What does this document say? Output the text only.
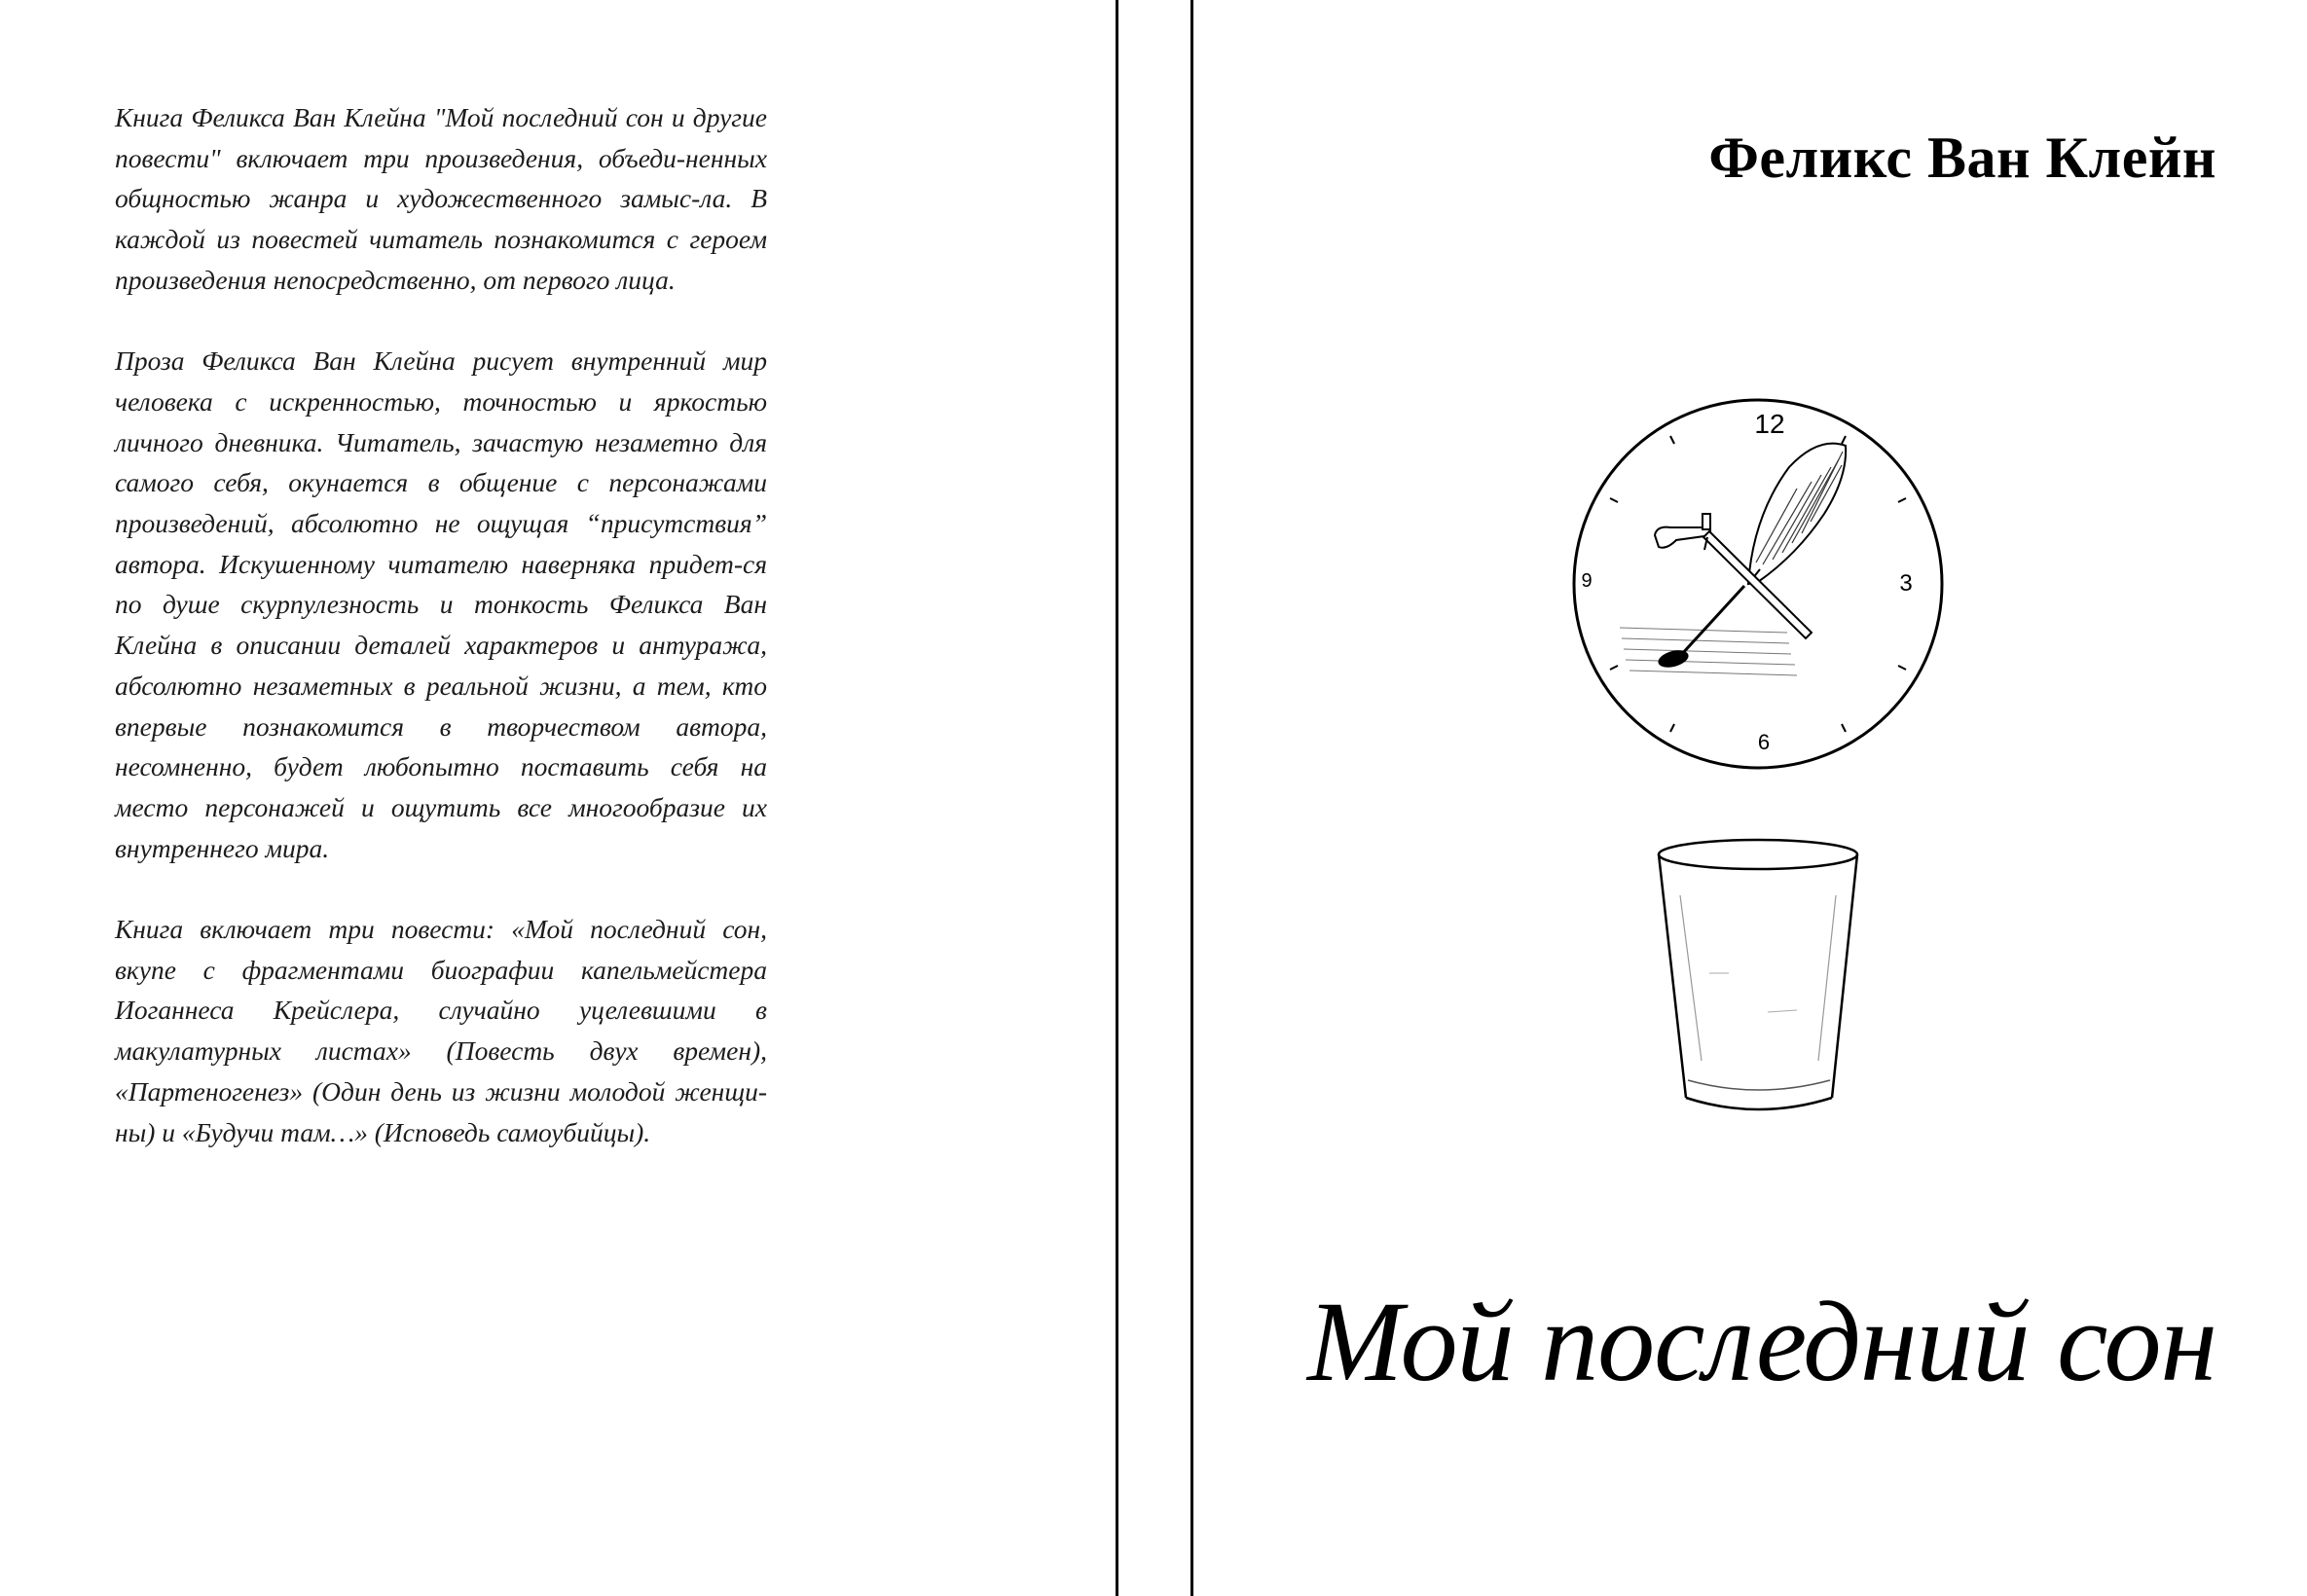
Книга Феликса Ван Клейна "Мой последний сон и другие повести" включает три произведения, объеди-ненных общностью жанра и художественного замыс-ла. В каждой из повестей читатель познакомится с героем произведения непосредственно, от первого лица.

Проза Феликса Ван Клейна рисует внутренний мир человека с искренностью, точностью и яркостью личного дневника. Читатель, зачастую незаметно для самого себя, окунается в общение с персонажами произведений, абсолютно не ощущая “присутствия” автора. Искушенному читателю наверняка придет-ся по душе скурпулезность и тонкость Феликса Ван Клейна в описании деталей характеров и антуража, абсолютно незаметных в реальной жизни, а тем, кто впервые познакомится в творчеством автора, несомненно, будет любопытно поставить себя на место персонажей и ощутить все многообразие их внутреннего мира.

Книга включает три повести: «Мой последний сон, вкупе с фрагментами биографии капельмейстера Иоганнеса Крейслера, случайно уцелевшими в макулатурных листах» (Повесть двух времен), «Партеногенез» (Один день из жизни молодой женщи-ны) и «Будучи там…» (Исповедь самоубийцы).

Феликс Ван Клейн
12
3
6
9
Мой последний сон
